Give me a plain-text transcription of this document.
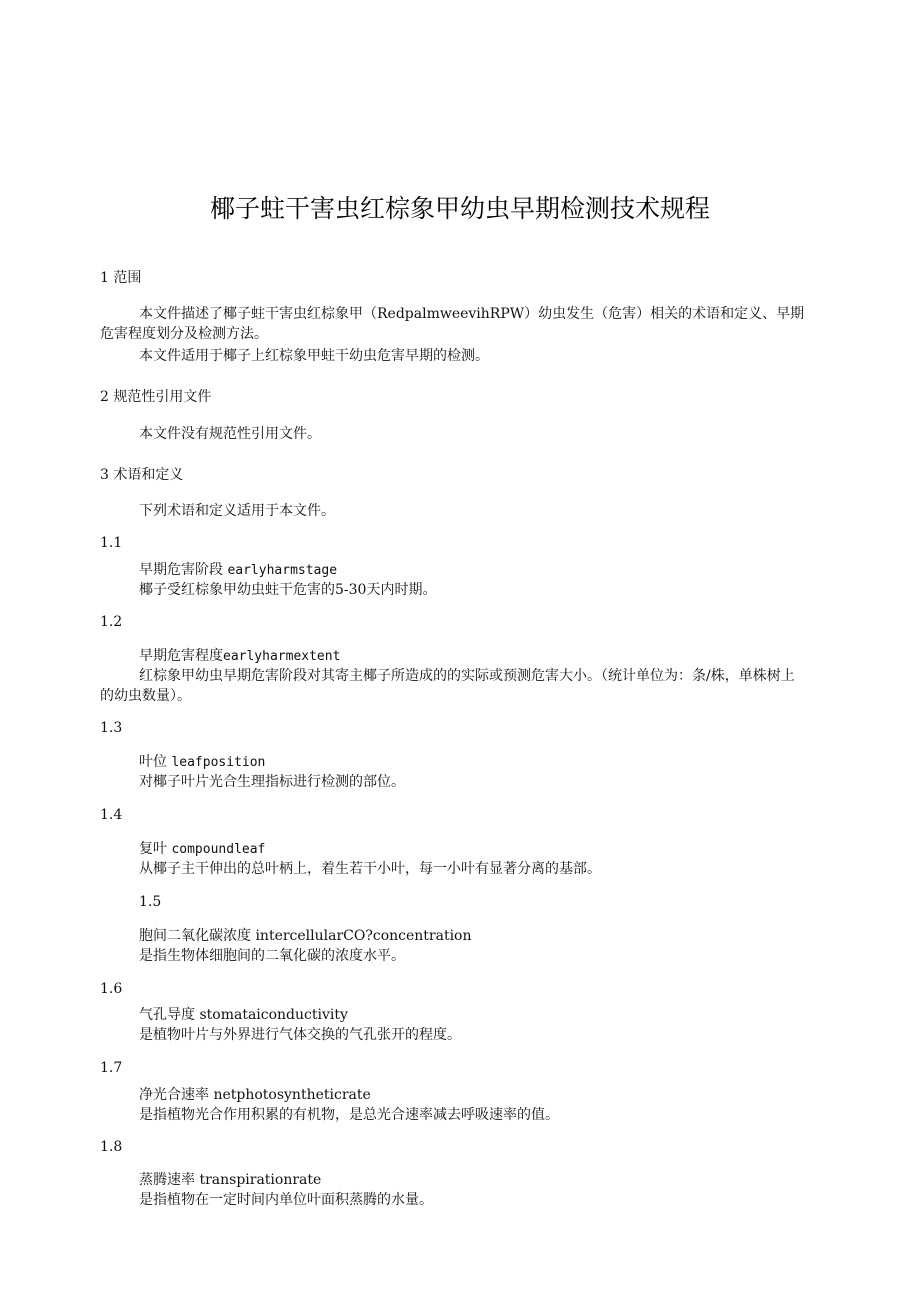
椰子蛀干害虫红棕象甲幼虫早期检测技术规程
1 范围
本文件描述了椰子蛀干害虫红棕象甲（RedpalmweevihRPW）幼虫发生（危害）相关的术语和定义、早期危害程度划分及检测方法。
本文件适用于椰子上红棕象甲蛀干幼虫危害早期的检测。
2 规范性引用文件
本文件没有规范性引用文件。
3 术语和定义
下列术语和定义适用于本文件。
1.1
早期危害阶段 earlyharmstage
椰子受红棕象甲幼虫蛀干危害的5-30天内时期。
1.2
早期危害程度earlyharmextent
红棕象甲幼虫早期危害阶段对其寄主椰子所造成的的实际或预测危害大小。（统计单位为：条/株，单株树上的幼虫数量）。
1.3
叶位 leafposition
对椰子叶片光合生理指标进行检测的部位。
1.4
复叶 compoundleaf
从椰子主干伸出的总叶柄上，着生若干小叶，每一小叶有显著分离的基部。
1.5
胞间二氧化碳浓度 intercellularCO?concentration
是指生物体细胞间的二氧化碳的浓度水平。
1.6
气孔导度 stomataiconductivity
是植物叶片与外界进行气体交换的气孔张开的程度。
1.7
净光合速率 netphotosyntheticrate
是指植物光合作用积累的有机物，是总光合速率减去呼吸速率的值。
1.8
蒸腾速率 transpirationrate
是指植物在一定时间内单位叶面积蒸腾的水量。
